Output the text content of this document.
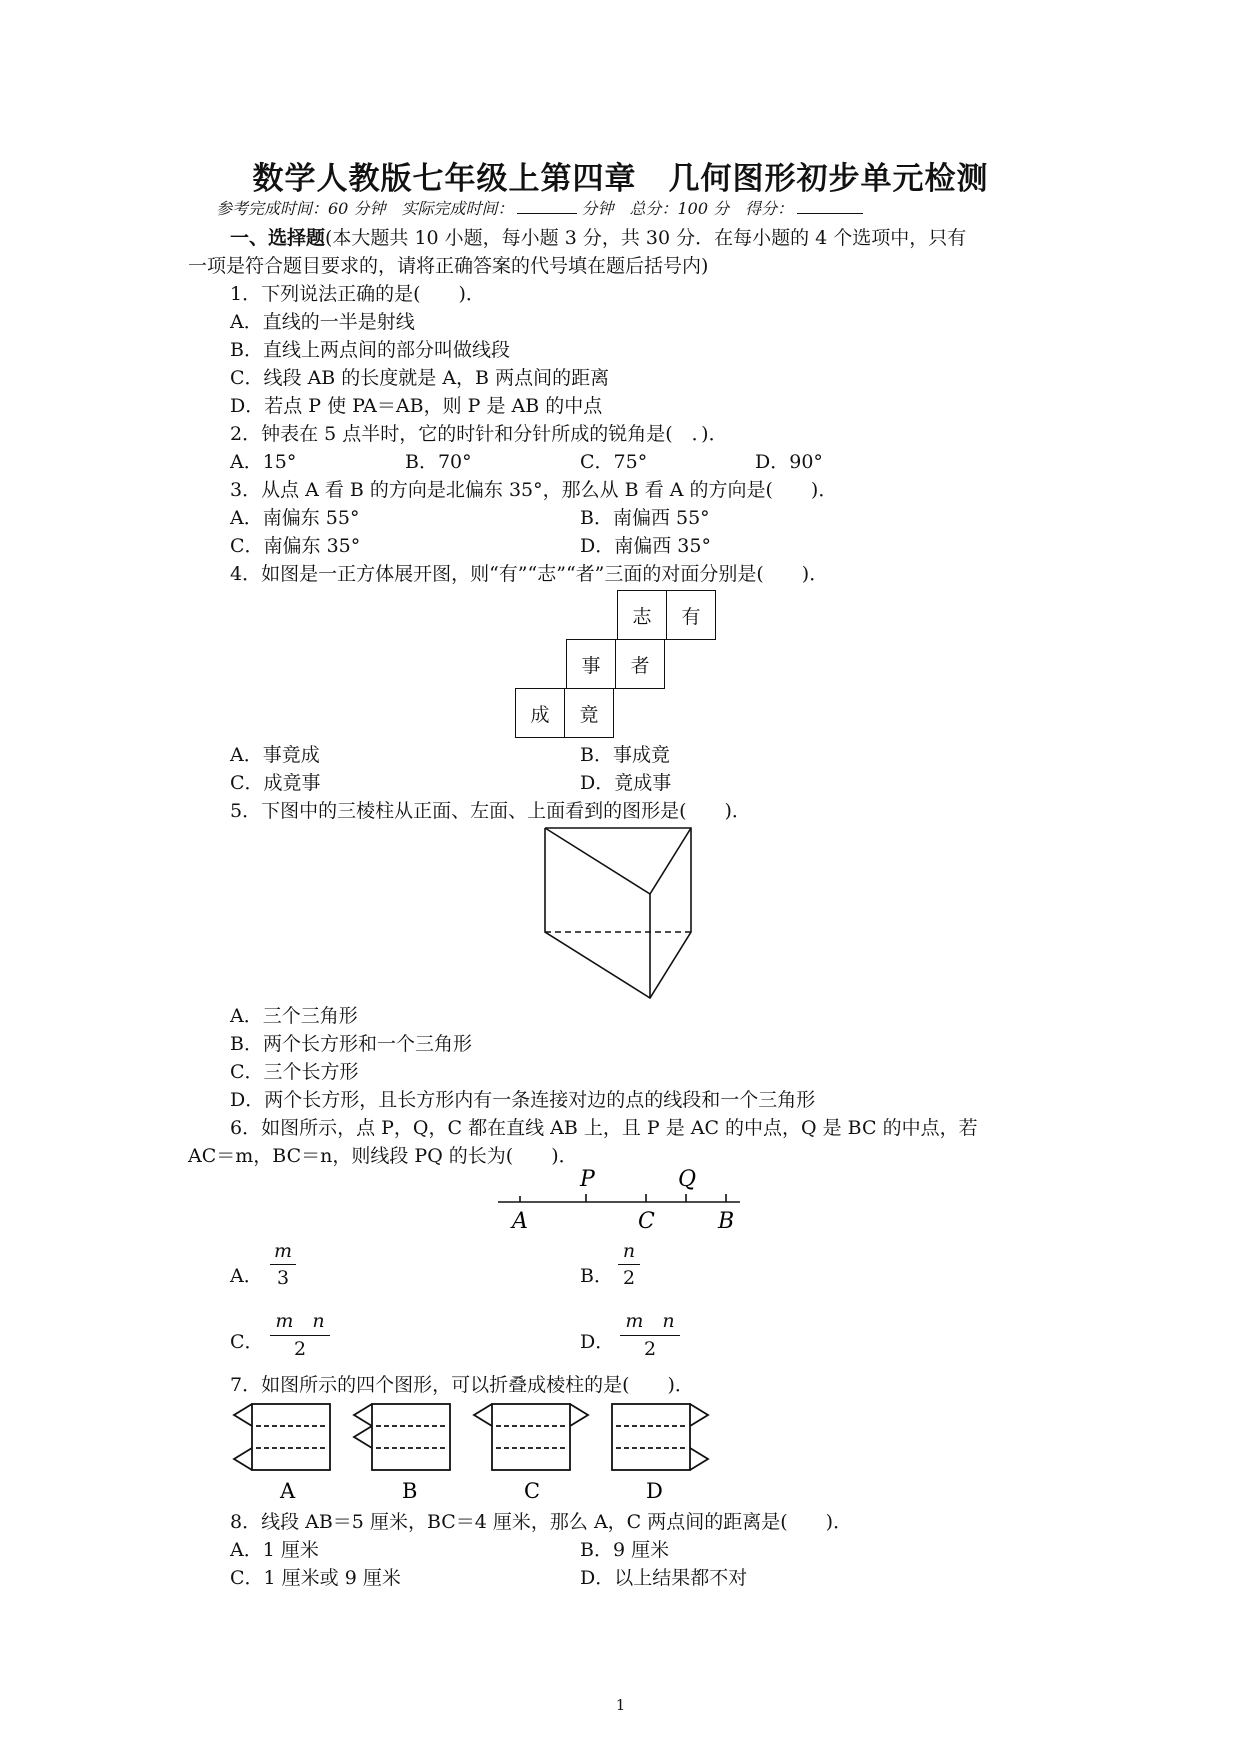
数学人教版七年级上第四章　几何图形初步单元检测
参考完成时间：60 分钟　实际完成时间：	分钟　总分：100 分　得分：
一、选择题(本大题共 10 小题，每小题 3 分，共 30 分．在每小题的 4 个选项中，只有
一项是符合题目要求的，请将正确答案的代号填在题后括号内)
1．下列说法正确的是(　　)．
A．直线的一半是射线
B．直线上两点间的部分叫做线段
C．线段 AB 的长度就是 A，B 两点间的距离
D．若点 P 使 PA＝AB，则 P 是 AB 的中点
2．钟表在 5 点半时，它的时针和分针所成的锐角是(　．)．
A．15°	B．70°	C．75°	D．90°
3．从点 A 看 B 的方向是北偏东 35°，那么从 B 看 A 的方向是(　　)．
A．南偏东 55°	B．南偏西 55°
C．南偏东 35°	D．南偏西 35°
4．如图是一正方体展开图，则“有”“志”“者”三面的对面分别是(　　)．
志	有
事	者
成	竟
A．事竟成	B．事成竟
C．成竟事	D．竟成事
5．下图中的三棱柱从正面、左面、上面看到的图形是(　　)．
A．三个三角形
B．两个长方形和一个三角形
C．三个长方形
D．两个长方形，且长方形内有一条连接对边的点的线段和一个三角形
6．如图所示，点 P，Q，C 都在直线 AB 上，且 P 是 AC 的中点，Q 是 BC 的中点，若
AC＝m，BC＝n，则线段 PQ 的长为(　　)．
P	Q
A	C	B
A．
m
3	B．
n
2
C．
m　n
2	D．
m　n
2
7．如图所示的四个图形，可以折叠成棱柱的是(　　)．
A	B	C	D
8．线段 AB＝5 厘米，BC＝4 厘米，那么 A，C 两点间的距离是(　　)．
A．1 厘米	B．9 厘米
C．1 厘米或 9 厘米	D．以上结果都不对
1
